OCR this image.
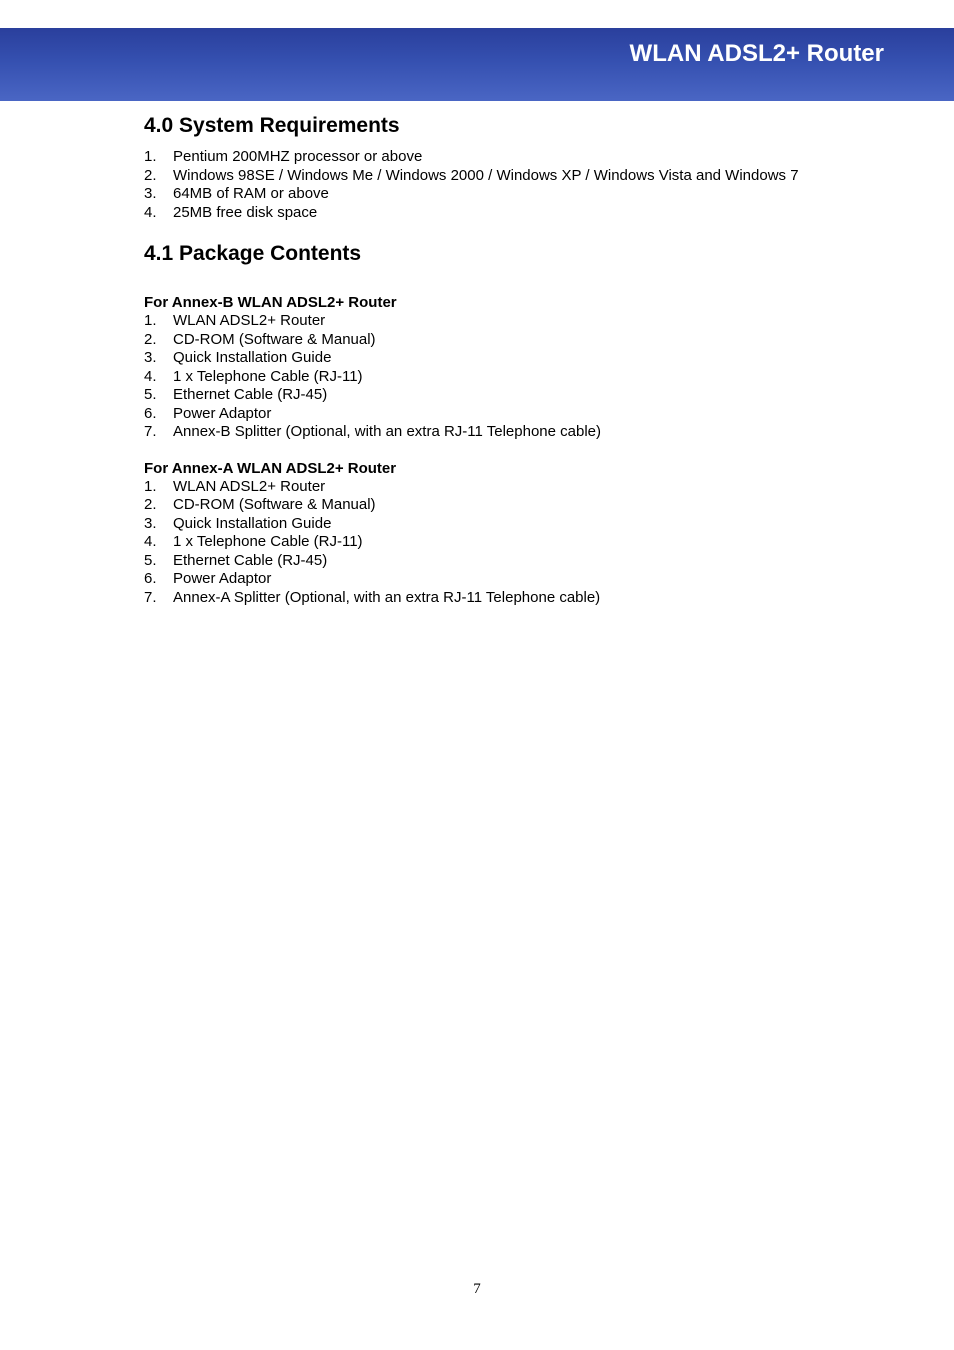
WLAN ADSL2+ Router
4.0 System Requirements
1.	Pentium 200MHZ processor or above
2.	Windows 98SE / Windows Me / Windows 2000 / Windows XP / Windows Vista and Windows 7
3.	64MB of RAM or above
4.	25MB free disk space
4.1 Package Contents
For Annex-B WLAN ADSL2+ Router
1.	WLAN ADSL2+ Router
2.	CD-ROM (Software & Manual)
3.	Quick Installation Guide
4.	1 x Telephone Cable (RJ-11)
5.	Ethernet Cable (RJ-45)
6.	Power Adaptor
7.	Annex-B Splitter (Optional, with an extra RJ-11 Telephone cable)
For Annex-A WLAN ADSL2+ Router
1.	WLAN ADSL2+ Router
2.	CD-ROM (Software & Manual)
3.	Quick Installation Guide
4.	1 x Telephone Cable (RJ-11)
5.	Ethernet Cable (RJ-45)
6.	Power Adaptor
7.	Annex-A Splitter (Optional, with an extra RJ-11 Telephone cable)
7
